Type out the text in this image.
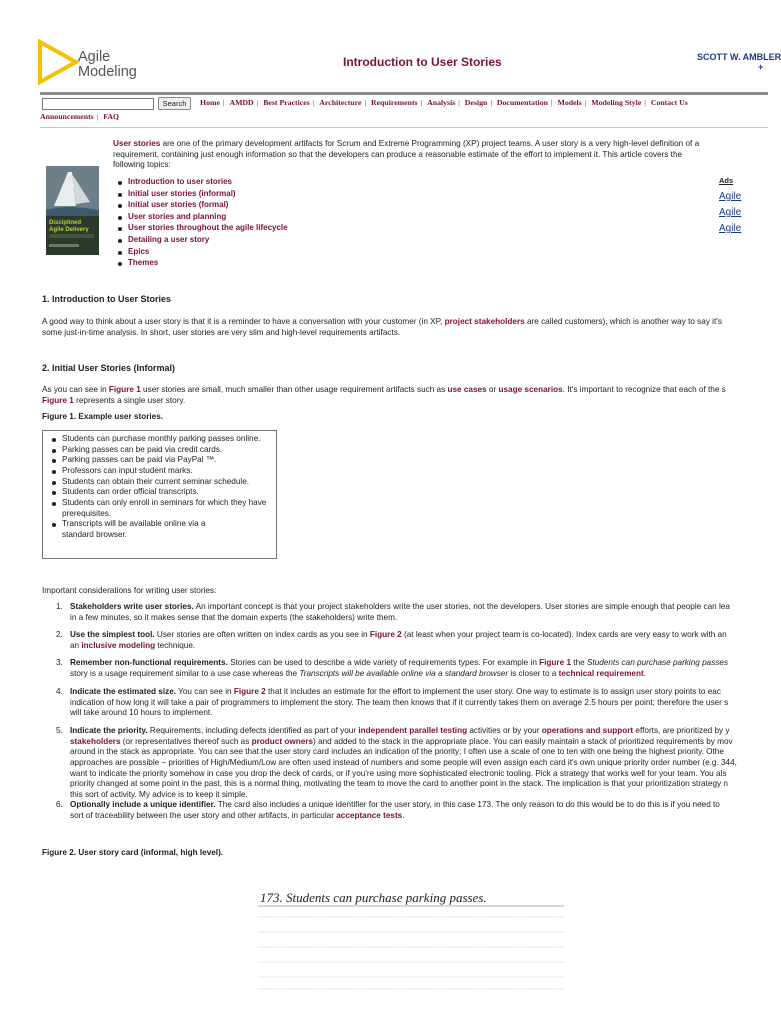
Agile
Modeling
Introduction to User Stories	SCOTT W. AMBLER
+
Search	Home | AMDD | Best Practices | Architecture | Requirements | Analysis | Design | Documentation | Models | Modeling Style | Contact Us
Announcements | FAQ

User stories are one of the primary development artifacts for Scrum and Extreme Programming (XP) project teams. A user story is a very high-level definition of a requirement, containing just enough information so that the developers can produce a reasonable estimate of the effort to implement it. This article covers the following topics:

Disciplined
Agile Delivery
Introduction to user stories
Initial user stories (informal)
Initial user stories (formal)
User stories and planning
User stories throughout the agile lifecycle
Detailing a user story
Epics
Themes
Ads
Agile
Agile
Agile
1. Introduction to User Stories

A good way to think about a user story is that it is a reminder to have a conversation with your customer (in XP, project stakeholders are called customers), which is another way to say it's
some just-in-time analysis. In short, user stories are very slim and high-level requirements artifacts.

2. Initial User Stories (Informal)

As you can see in Figure 1 user stories are small, much smaller than other usage requirement artifacts such as use cases or usage scenarios. It's important to recognize that each of the s
Figure 1 represents a single user story.

Figure 1. Example user stories.

Students can purchase monthly parking passes online.
Parking passes can be paid via credit cards.
Parking passes can be paid via PayPal ™.
Professors can input student marks.
Students can obtain their current seminar schedule.
Students can order official transcripts.
Students can only enroll in seminars for which they have prerequisites.
Transcripts will be available online via a standard browser.

Important considerations for writing user stories:

1. Stakeholders write user stories. An important concept is that your project stakeholders write the user stories, not the developers. User stories are simple enough that people can lea

in a few minutes, so it makes sense that the domain experts (the stakeholders) write them.

2. Use the simplest tool. User stories are often written on index cards as you see in Figure 2 (at least when your project team is co-located). Index cards are very easy to work with an

an inclusive modeling technique.

3. Remember non-functional requirements. Stories can be used to describe a wide variety of requirements types. For example in Figure 1 the Students can purchase parking passes

story is a usage requirement similar to a use case whereas the Transcripts will be available online via a standard browser is closer to a technical requirement.

4. Indicate the estimated size. You can see in Figure 2 that it includes an estimate for the effort to implement the user story. One way to estimate is to assign user story points to eac

indication of how long it will take a pair of programmers to implement the story. The team then knows that if it currently takes them on average 2.5 hours per point; therefore the user s

will take around 10 hours to implement.

5. Indicate the priority. Requirements, including defects identified as part of your independent parallel testing activities or by your operations and support efforts, are prioritized by y

stakeholders (or representatives thereof such as product owners) and added to the stack in the appropriate place. You can easily maintain a stack of prioritized requirements by mov

around in the stack as appropriate. You can see that the user story card includes an indication of the priority; I often use a scale of one to ten with one being the highest priority. Othe

approaches are possible – priorities of High/Medium/Low are often used instead of numbers and some people will even assign each card it's own unique priority order number (e.g. 344,

want to indicate the priority somehow in case you drop the deck of cards, or if you're using more sophisticated electronic tooling. Pick a strategy that works well for your team. You als

priority changed at some point in the past, this is a normal thing, motivating the team to move the card to another point in the stack. The implication is that your prioritization strategy n

this sort of activity. My advice is to keep it simple.

6. Optionally include a unique identifier. The card also includes a unique identifier for the user story, in this case 173. The only reason to do this would be to do this is if you need to

sort of traceability between the user story and other artifacts, in particular acceptance tests.

Figure 2. User story card (informal, high level).

173. Students can purchase parking passes.
